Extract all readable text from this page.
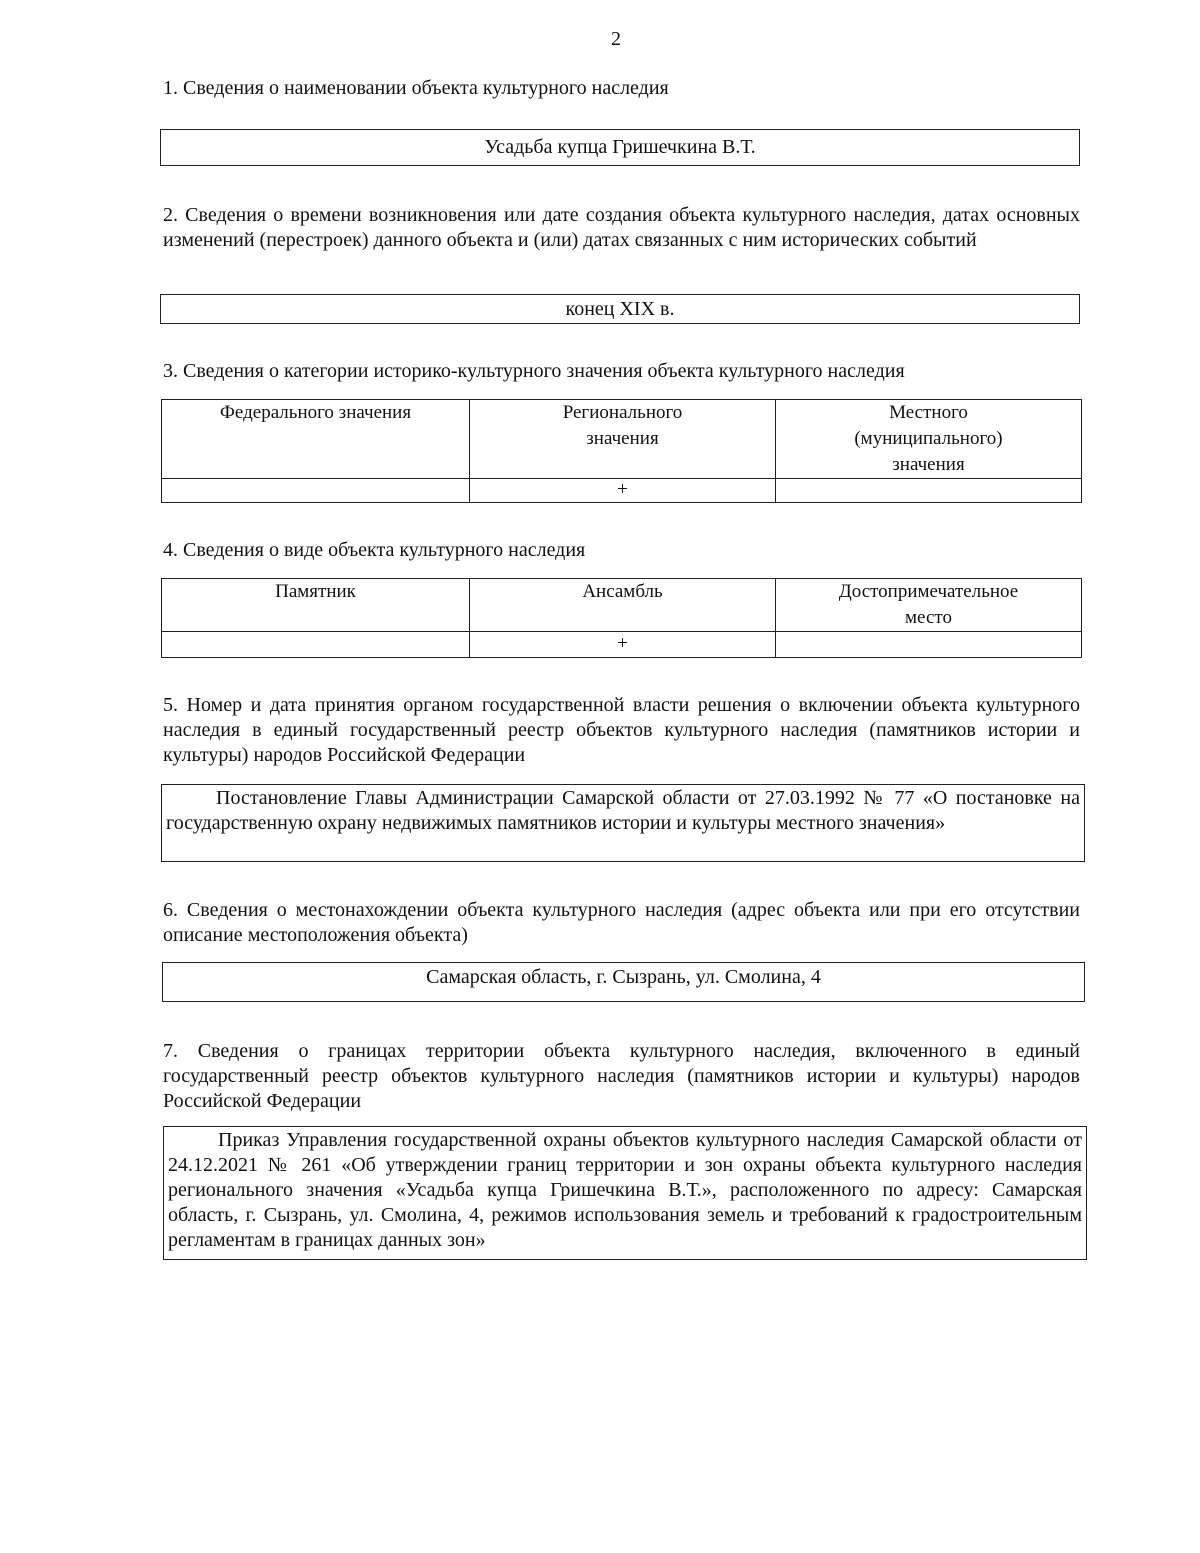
2
1. Сведения о наименовании объекта культурного наследия
Усадьба купца Гришечкина В.Т.
2. Сведения о времени возникновения или дате создания объекта культурного наследия, датах основных изменений (перестроек) данного объекта и (или) датах связанных с ним исторических событий
конец XIX в.
3. Сведения о категории историко-культурного значения объекта культурного наследия
Федерального значения	Регионального значения	Местного (муниципального) значения
	+	
4. Сведения о виде объекта культурного наследия
Памятник	Ансамбль	Достопримечательное место
	+	
5. Номер и дата принятия органом государственной власти решения о включении объекта культурного наследия в единый государственный реестр объектов культурного наследия (памятников истории и культуры) народов Российской Федерации

Постановление Главы Администрации Самарской области от 27.03.1992 № 77 «О постановке на государственную охрану недвижимых памятников истории и культуры местного значения»

6. Сведения о местонахождении объекта культурного наследия (адрес объекта или при его отсутствии описание местоположения объекта)
Самарская область, г. Сызрань, ул. Смолина, 4
7. Сведения о границах территории объекта культурного наследия, включенного в единый государственный реестр объектов культурного наследия (памятников истории и культуры) народов Российской Федерации

Приказ Управления государственной охраны объектов культурного наследия Самарской области от 24.12.2021 № 261 «Об утверждении границ территории и зон охраны объекта культурного наследия регионального значения «Усадьба купца Гришечкина В.Т.», расположенного по адресу: Самарская область, г. Сызрань, ул. Смолина, 4, режимов использования земель и требований к градостроительным регламентам в границах данных зон»
